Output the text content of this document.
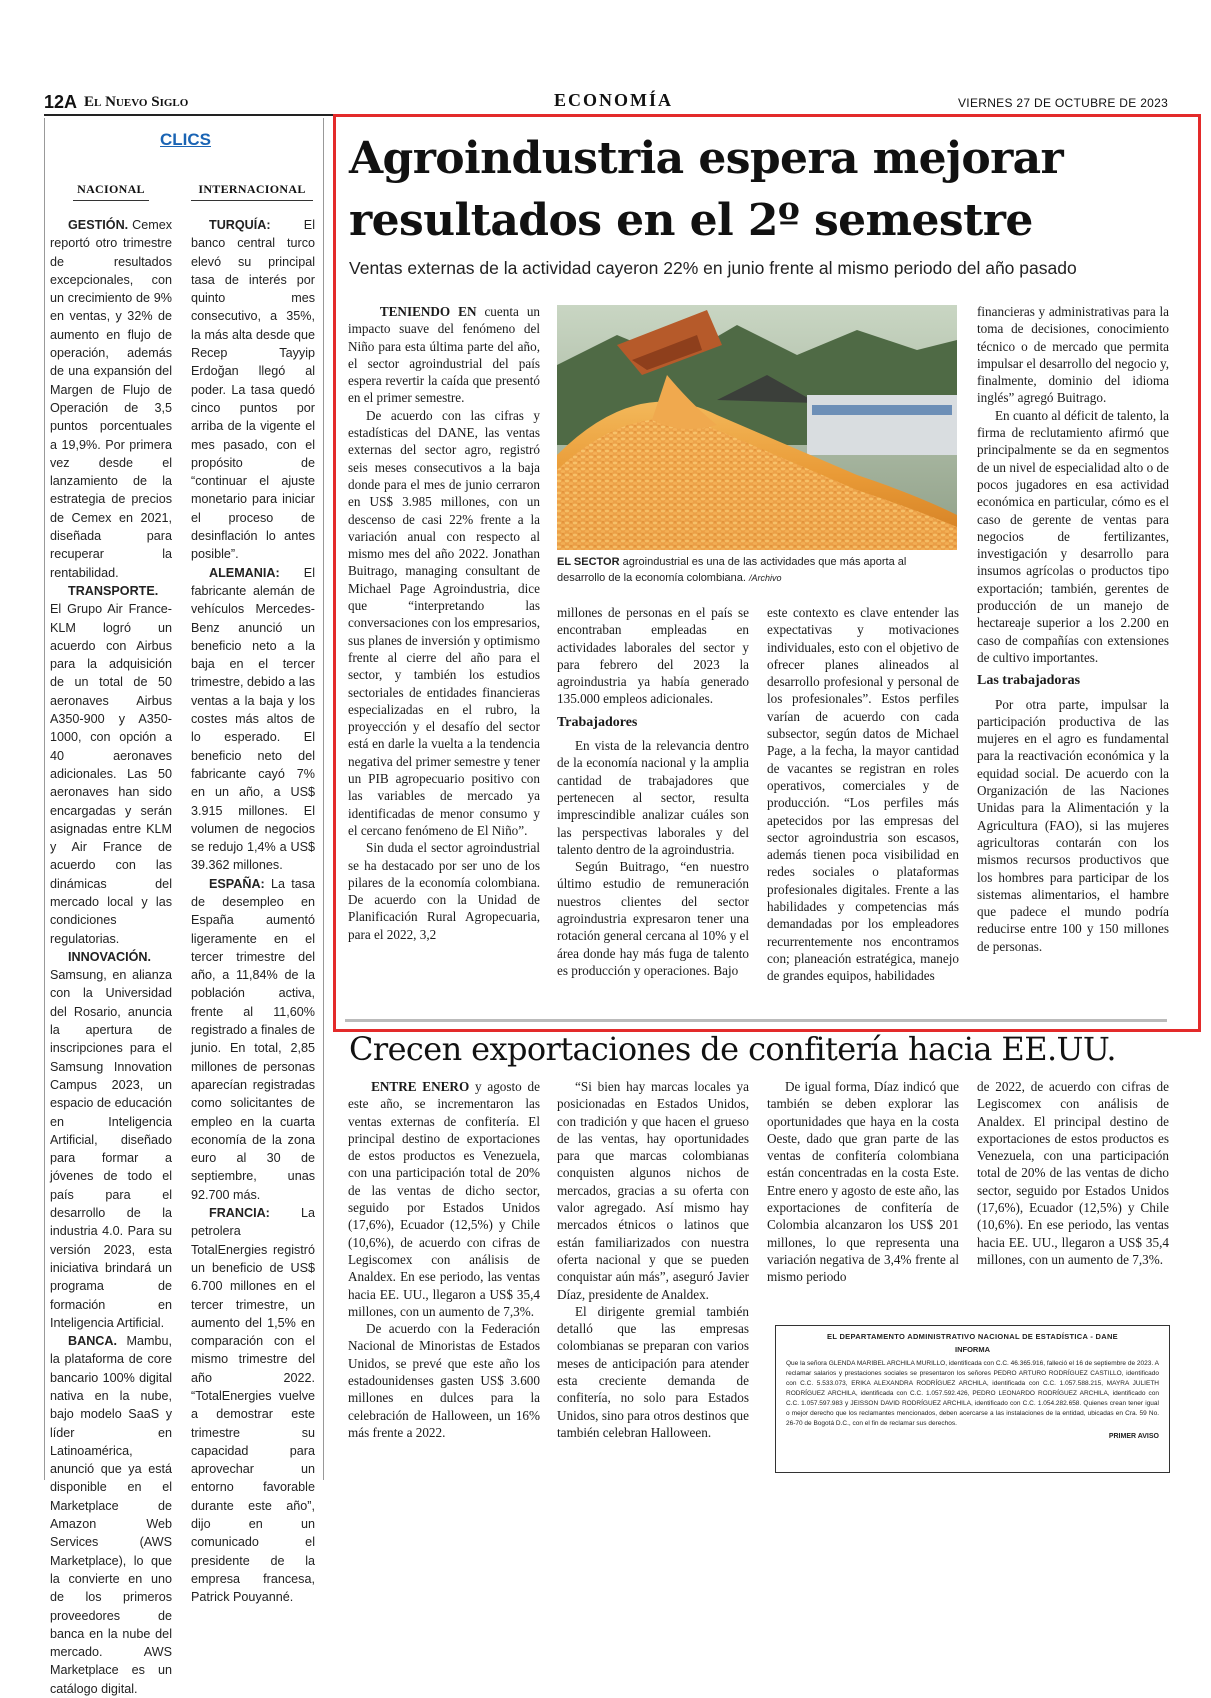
12A El Nuevo Siglo	ECONOMÍA	VIERNES 27 DE OCTUBRE DE 2023
CLICS
NACIONAL	INTERNACIONAL

GESTIÓN. Cemex reportó otro trimestre de resultados excepcionales, con un crecimiento de 9% en ventas, y 32% de aumento en flujo de operación, además de una expansión del Margen de Flujo de Operación de 3,5 puntos porcentuales a 19,9%. Por primera vez desde el lanzamiento de la estrategia de precios de Cemex en 2021, diseñada para recuperar la rentabilidad.

TRANSPORTE. El Grupo Air France-KLM logró un acuerdo con Airbus para la adquisición de un total de 50 aeronaves Airbus A350-900 y A350-1000, con opción a 40 aeronaves adicionales. Las 50 aeronaves han sido encargadas y serán asignadas entre KLM y Air France de acuerdo con las dinámicas del mercado local y las condiciones regulatorias.

INNOVACIÓN. Samsung, en alianza con la Universidad del Rosario, anuncia la apertura de inscripciones para el Samsung Innovation Campus 2023, un espacio de educación en Inteligencia Artificial, diseñado para formar a jóvenes de todo el país para el desarrollo de la industria 4.0. Para su versión 2023, esta iniciativa brindará un programa de formación en Inteligencia Artificial.

BANCA. Mambu, la plataforma de core bancario 100% digital nativa en la nube, bajo modelo SaaS y líder en Latinoamérica, anunció que ya está disponible en el Marketplace de Amazon Web Services (AWS Marketplace), lo que la convierte en uno de los primeros proveedores de banca en la nube del mercado. AWS Marketplace es un catálogo digital.

TURQUÍA:	El banco central turco elevó su principal tasa de interés por quinto mes consecutivo, a 35%, la más alta desde que Recep Tayyip Erdoğan llegó al poder. La tasa quedó cinco puntos por arriba de la vigente el mes pasado, con el propósito de “continuar el ajuste monetario para iniciar el proceso de desinflación lo antes posible”.

ALEMANIA: El fabricante alemán de vehículos Mercedes-Benz anunció un beneficio neto a la baja en el tercer trimestre, debido a las ventas a la baja y los costes más altos de lo esperado. El beneficio neto del fabricante cayó 7% en un año, a US$ 3.915 millones. El volumen de negocios se redujo 1,4% a US$ 39.362 millones.

ESPAÑA: La tasa de desempleo en España aumentó ligeramente en el tercer trimestre del año, a 11,84% de la población activa, frente al 11,60% registrado a finales de junio. En total, 2,85 millones de personas aparecían registradas como solicitantes de empleo en la cuarta economía de la zona euro al 30 de septiembre, unas 92.700 más.

FRANCIA: La petrolera TotalEnergies registró un beneficio de US$ 6.700 millones en el tercer trimestre, un aumento del 1,5% en comparación con el mismo trimestre del año 2022. “TotalEnergies vuelve a demostrar este trimestre su capacidad para aprovechar un entorno favorable durante este año”, dijo en un comunicado el presidente de la empresa francesa, Patrick Pouyanné.

Agroindustria espera mejorar
resultados en el 2º semestre
Ventas externas de la actividad cayeron 22% en junio frente al mismo periodo del año pasado
EL SECTOR agroindustrial es una de las actividades que más aporta al desarrollo de la economía colombiana. /Archivo

TENIENDO EN cuenta un impacto suave del fenómeno del Niño para esta última parte del año, el sector agroindustrial del país espera revertir la caída que presentó en el primer semestre.

De acuerdo con las cifras y estadísticas del DANE, las ventas externas del sector agro, registró seis meses consecutivos a la baja donde para el mes de junio cerraron en US$ 3.985 millones, con un descenso de casi 22% frente a la variación anual con respecto al mismo mes del año 2022. Jonathan Buitrago, managing consultant de Michael Page Agroindustria, dice que “interpretando las conversaciones con los empresarios, sus planes de inversión y optimismo frente al cierre del año para el sector, y también los estudios sectoriales de entidades financieras especializadas en el rubro, la proyección y el desafío del sector está en darle la vuelta a la tendencia negativa del primer semestre y tener un PIB agropecuario positivo con las variables de mercado ya identificadas de menor consumo y el cercano fenómeno de El Niño”.

Sin duda el sector agroindustrial se ha destacado por ser uno de los pilares de la economía colombiana. De acuerdo con la Unidad de Planificación Rural Agropecuaria, para el 2022, 3,2

millones de personas en el país se encontraban empleadas en actividades laborales del sector y para febrero del 2023 la agroindustria ya había generado 135.000 empleos adicionales.

Trabajadores

En vista de la relevancia dentro de la economía nacional y la amplia cantidad de trabajadores que pertenecen al sector, resulta imprescindible analizar cuáles son las perspectivas laborales y del talento dentro de la agroindustria.

Según Buitrago, “en nuestro último estudio de remuneración nuestros clientes del sector agroindustria expresaron tener una rotación general cercana al 10% y el área donde hay más fuga de talento es producción y operaciones. Bajo

este contexto es clave entender las expectativas y motivaciones individuales, esto con el objetivo de ofrecer planes alineados al desarrollo profesional y personal de los profesionales”. Estos perfiles varían de acuerdo con cada subsector, según datos de Michael Page, a la fecha, la mayor cantidad de vacantes se registran en roles operativos, comerciales y de producción. “Los perfiles más apetecidos por las empresas del sector agroindustria son escasos, además tienen poca visibilidad en redes sociales o plataformas profesionales digitales. Frente a las habilidades y competencias más demandadas por los empleadores recurrentemente nos encontramos con; planeación estratégica, manejo de grandes equipos, habilidades

financieras y administrativas para la toma de decisiones, conocimiento técnico o de mercado que permita impulsar el desarrollo del negocio y, finalmente, dominio del idioma inglés” agregó Buitrago.

En cuanto al déficit de talento, la firma de reclutamiento afirmó que principalmente se da en segmentos de un nivel de especialidad alto o de pocos jugadores en esa actividad económica en particular, cómo es el caso de gerente de ventas para negocios de fertilizantes, investigación y desarrollo para insumos agrícolas o productos tipo exportación; también, gerentes de producción de un manejo de hectareaje superior a los 2.200 en caso de compañías con extensiones de cultivo importantes.

Las trabajadoras

Por otra parte, impulsar la participación productiva de las mujeres en el agro es fundamental para la reactivación económica y la equidad social. De acuerdo con la Organización de las Naciones Unidas para la Alimentación y la Agricultura (FAO), si las mujeres agricultoras contarán con los mismos recursos productivos que los hombres para participar de los sistemas alimentarios, el hambre que padece el mundo podría reducirse entre 100 y 150 millones de personas.

Crecen exportaciones de confitería hacia EE.UU.

ENTRE ENERO y agosto de este año, se incrementaron las ventas externas de confitería. El principal destino de exportaciones de estos productos es Venezuela, con una participación total de 20% de las ventas de dicho sector, seguido por Estados Unidos (17,6%), Ecuador (12,5%) y Chile (10,6%), de acuerdo con cifras de Legiscomex con análisis de Analdex. En ese periodo, las ventas hacia EE. UU., llegaron a US$ 35,4 millones, con un aumento de 7,3%.

De acuerdo con la Federación Nacional de Minoristas de Estados Unidos, se prevé que este año los estadounidenses gasten US$ 3.600 millones en dulces para la celebración de Halloween, un 16% más frente a 2022.

“Si bien hay marcas locales ya posicionadas en Estados Unidos, con tradición y que hacen el grueso de las ventas, hay oportunidades para que marcas colombianas conquisten algunos nichos de mercados, gracias a su oferta con valor agregado. Así mismo hay mercados étnicos o latinos que están familiarizados con nuestra oferta nacional y que se pueden conquistar aún más”, aseguró Javier Díaz, presidente de Analdex.

El dirigente gremial también detalló que las empresas colombianas se preparan con varios meses de anticipación para atender esta creciente demanda de confitería, no solo para Estados Unidos, sino para otros destinos que también celebran Halloween.

De igual forma, Díaz indicó que también se deben explorar las oportunidades que haya en la costa Oeste, dado que gran parte de las ventas de confitería colombiana están concentradas en la costa Este. Entre enero y agosto de este año, las exportaciones de confitería de Colombia alcanzaron los US$ 201 millones, lo que representa una variación negativa de 3,4% frente al mismo periodo

de 2022, de acuerdo con cifras de Legiscomex con análisis de Analdex. El principal destino de exportaciones de estos productos es Venezuela, con una participación total de 20% de las ventas de dicho sector, seguido por Estados Unidos (17,6%), Ecuador (12,5%) y Chile (10,6%). En ese periodo, las ventas hacia EE. UU., llegaron a US$ 35,4 millones, con un aumento de 7,3%.

EL DEPARTAMENTO ADMINISTRATIVO NACIONAL DE ESTADÍSTICA - DANE
INFORMA
Que la señora GLENDA MARIBEL ARCHILA MURILLO, identificada con C.C. 46.365.916, falleció el 16 de septiembre de 2023. A reclamar salarios y prestaciones sociales se presentaron los señores PEDRO ARTURO RODRÍGUEZ CASTILLO, identificado con C.C. 5.533.073, ERIKA ALEXANDRA RODRÍGUEZ ARCHILA, identificada con C.C. 1.057.588.215, MAYRA JULIETH RODRÍGUEZ ARCHILA, identificada con C.C. 1.057.592.426, PEDRO LEONARDO RODRÍGUEZ ARCHILA, identificado con C.C. 1.057.597.983 y JEISSON DAVID RODRÍGUEZ ARCHILA, identificado con C.C. 1.054.282.658. Quienes crean tener igual o mejor derecho que los reclamantes mencionados, deben acercarse a las instalaciones de la entidad, ubicadas en Cra. 59 No. 26-70 de Bogotá D.C., con el fin de reclamar sus derechos.
PRIMER AVISO
